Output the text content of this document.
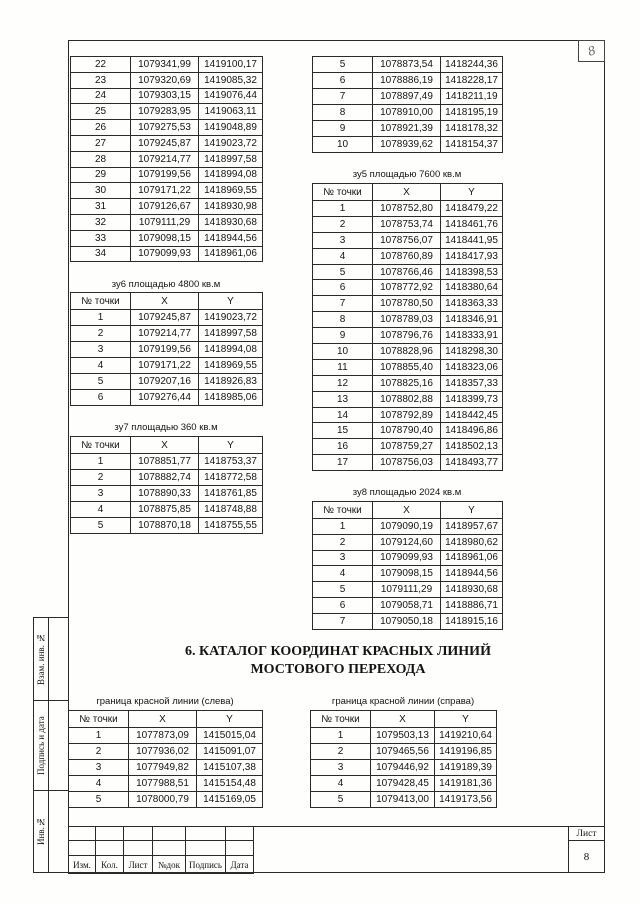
8
22	1079341,99	1419100,17
23	1079320,69	1419085,32
24	1079303,15	1419076,44
25	1079283,95	1419063,11
26	1079275,53	1419048,89
27	1079245,87	1419023,72
28	1079214,77	1418997,58
29	1079199,56	1418994,08
30	1079171,22	1418969,55
31	1079126,67	1418930,98
32	1079111,29	1418930,68
33	1079098,15	1418944,56
34	1079099,93	1418961,06
5	1078873,54	1418244,36
6	1078886,19	1418228,17
7	1078897,49	1418211,19
8	1078910,00	1418195,19
9	1078921,39	1418178,32
10	1078939,62	1418154,37
зу5 площадью 7600 кв.м
№ точки	X	Y
1	1078752,80	1418479,22
2	1078753,74	1418461,76
3	1078756,07	1418441,95
4	1078760,89	1418417,93
5	1078766,46	1418398,53
6	1078772,92	1418380,64
7	1078780,50	1418363,33
8	1078789,03	1418346,91
9	1078796,76	1418333,91
10	1078828,96	1418298,30
11	1078855,40	1418323,06
12	1078825,16	1418357,33
13	1078802,88	1418399,73
14	1078792,89	1418442,45
15	1078790,40	1418496,86
16	1078759,27	1418502,13
17	1078756,03	1418493,77
зу6 площадью 4800 кв.м
№ точки	X	Y
1	1079245,87	1419023,72
2	1079214,77	1418997,58
3	1079199,56	1418994,08
4	1079171,22	1418969,55
5	1079207,16	1418926,83
6	1079276,44	1418985,06
зу7 площадью 360 кв.м
№ точки	X	Y
1	1078851,77	1418753,37
2	1078882,74	1418772,58
3	1078890,33	1418761,85
4	1078875,85	1418748,88
5	1078870,18	1418755,55
зу8 площадью 2024 кв.м
№ точки	X	Y
1	1079090,19	1418957,67
2	1079124,60	1418980,62
3	1079099,93	1418961,06
4	1079098,15	1418944,56
5	1079111,29	1418930,68
6	1079058,71	1418886,71
7	1079050,18	1418915,16
6. КАТАЛОГ КООРДИНАТ КРАСНЫХ ЛИНИЙ
МОСТОВОГО ПЕРЕХОДА
граница красной линии (слева)
№ точки	X	Y
1	1077873,09	1415015,04
2	1077936,02	1415091,07
3	1077949,82	1415107,38
4	1077988,51	1415154,48
5	1078000,79	1415169,05
граница красной линии (справа)
№ точки	X	Y
1	1079503,13	1419210,64
2	1079465,56	1419196,85
3	1079446,92	1419189,39
4	1079428,45	1419181,36
5	1079413,00	1419173,56
Взам. инв. №
Подпись и дата
Инв.№

Изм.	Кол.	Лист	№док	Подпись	Дата
Лист
8
